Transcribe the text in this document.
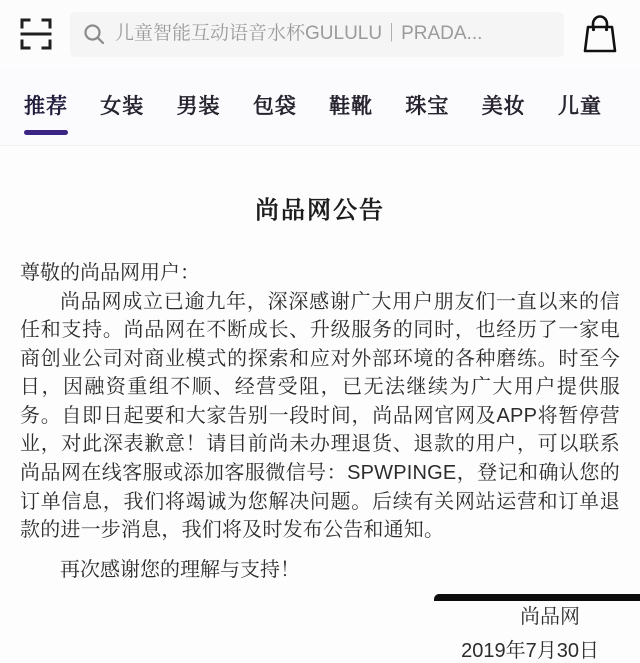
儿童智能互动语音水杯GULULU｜PRADA...
推荐 女装 男装 包袋 鞋靴 珠宝 美妆 儿童
尚品网公告

尊敬的尚品网用户：

尚品网成立已逾九年，深深感谢广大用户朋友们一直以来的信任和支持。尚品网在不断成长、升级服务的同时，也经历了一家电商创业公司对商业模式的探索和应对外部环境的各种磨练。时至今日，因融资重组不顺、经营受阻，已无法继续为广大用户提供服务。自即日起要和大家告别一段时间，尚品网官网及APP将暂停营业，对此深表歉意！请目前尚未办理退货、退款的用户，可以联系尚品网在线客服或添加客服微信号：SPWPINGE，登记和确认您的订单信息，我们将竭诚为您解决问题。后续有关网站运营和订单退款的进一步消息，我们将及时发布公告和通知。

再次感谢您的理解与支持！

尚品网
2019年7月30日
